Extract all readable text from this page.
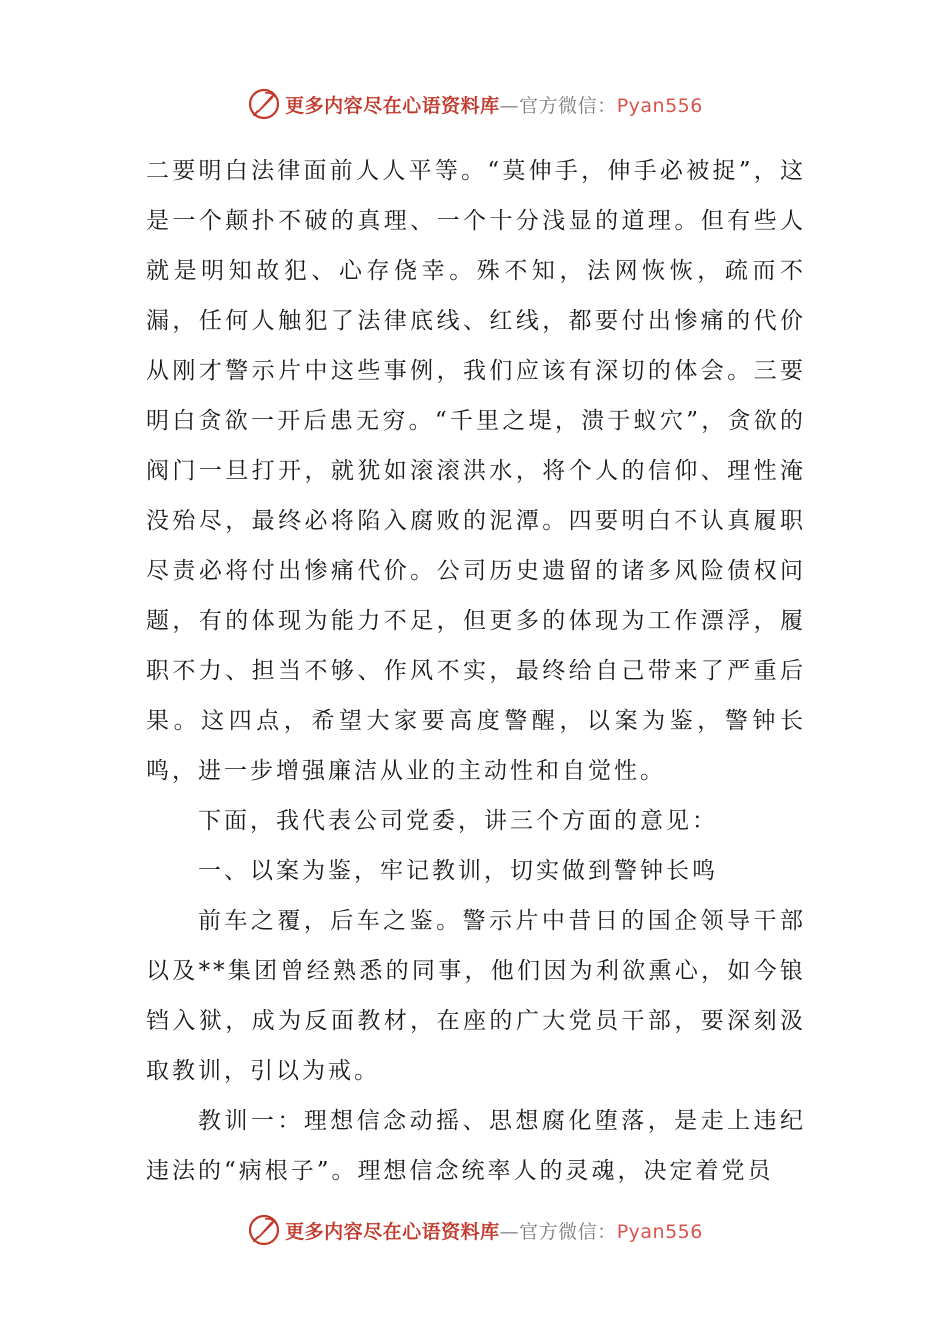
更多内容尽在心语资料库—官方微信：Pyan556

二要明白法律面前人人平等。“莫伸手，伸手必被捉”，这是一个颠扑不破的真理、一个十分浅显的道理。但有些人就是明知故犯、心存侥幸。殊不知，法网恢恢，疏而不漏，任何人触犯了法律底线、红线，都要付出惨痛的代价从刚才警示片中这些事例，我们应该有深切的体会。三要明白贪欲一开后患无穷。“千里之堤，溃于蚁穴”，贪欲的阀门一旦打开，就犹如滚滚洪水，将个人的信仰、理性淹没殆尽，最终必将陷入腐败的泥潭。四要明白不认真履职尽责必将付出惨痛代价。公司历史遗留的诸多风险债权问题，有的体现为能力不足，但更多的体现为工作漂浮，履职不力、担当不够、作风不实，最终给自己带来了严重后果。这四点，希望大家要高度警醒，以案为鉴，警钟长鸣，进一步增强廉洁从业的主动性和自觉性。

下面，我代表公司党委，讲三个方面的意见：

一、以案为鉴，牢记教训，切实做到警钟长鸣

前车之覆，后车之鉴。警示片中昔日的国企领导干部以及**集团曾经熟悉的同事，他们因为利欲熏心，如今锒铛入狱，成为反面教材，在座的广大党员干部，要深刻汲取教训，引以为戒。

教训一：理想信念动摇、思想腐化堕落，是走上违纪违法的“病根子”。理想信念统率人的灵魂，决定着党员

更多内容尽在心语资料库—官方微信：Pyan556
